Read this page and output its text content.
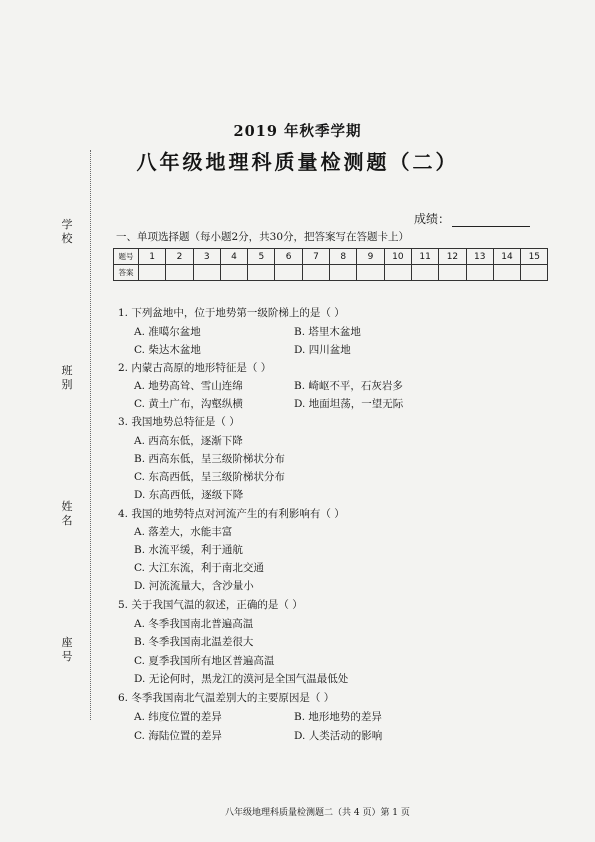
学校
班别
姓名
座号
2019 年秋季学期
八年级地理科质量检测题（二）
成绩：
一、单项选择题（每小题2分，共30分，把答案写在答题卡上）
题号	1	2	3	4	5	6	7	8	9	10	11	12	13	14	15
答案															
1. 下列盆地中，位于地势第一级阶梯上的是（ ）
A. 准噶尔盆地	B. 塔里木盆地
C. 柴达木盆地	D. 四川盆地
2. 内蒙古高原的地形特征是（ ）
A. 地势高耸、雪山连绵	B. 崎岖不平，石灰岩多
C. 黄土广布，沟壑纵横	D. 地面坦荡，一望无际
3. 我国地势总特征是（ ）
A. 西高东低，逐渐下降
B. 西高东低，呈三级阶梯状分布
C. 东高西低，呈三级阶梯状分布
D. 东高西低，逐级下降
4. 我国的地势特点对河流产生的有利影响有（ ）
A. 落差大，水能丰富
B. 水流平缓，利于通航
C. 大江东流，利于南北交通
D. 河流流量大，含沙量小
5. 关于我国气温的叙述，正确的是（ ）
A. 冬季我国南北普遍高温
B. 冬季我国南北温差很大
C. 夏季我国所有地区普遍高温
D. 无论何时，黑龙江的漠河是全国气温最低处
6. 冬季我国南北气温差别大的主要原因是（ ）
A. 纬度位置的差异	B. 地形地势的差异
C. 海陆位置的差异	D. 人类活动的影响
八年级地理科质量检测题二（共 4 页）第 1 页
